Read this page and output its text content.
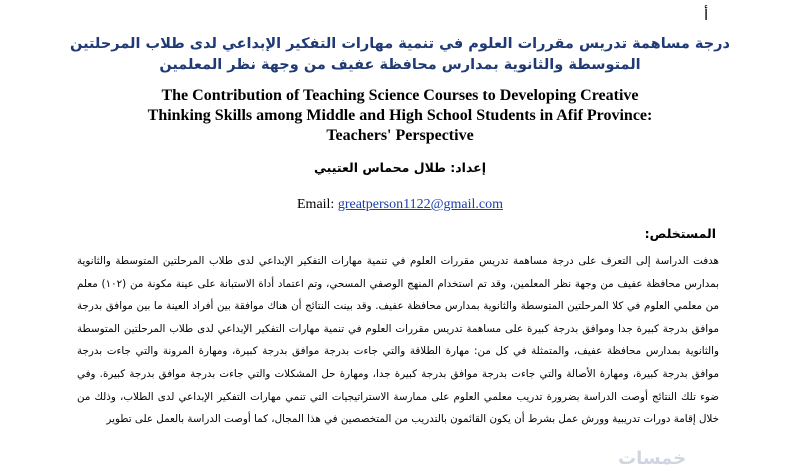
أ
درجة مساهمة تدريس مقررات العلوم في تنمية مهارات التفكير الإبداعي لدى طلاب المرحلتين
المتوسطة والثانوية بمدارس محافظة عفيف من وجهة نظر المعلمين
The Contribution of Teaching Science Courses to Developing Creative
Thinking Skills among Middle and High School Students in Afif Province:
Teachers' Perspective
إعداد: طلال محماس العتيبي
Email: greatperson1122@gmail.com
المستخلص:
هدفت الدراسة إلى التعرف على درجة مساهمة تدريس مقررات العلوم في تنمية مهارات التفكير الإبداعي لدى طلاب المرحلتين المتوسطة والثانوية بمدارس محافظة عفيف من وجهة نظر المعلمين، وقد تم استخدام المنهج الوصفي المسحي، وتم اعتماد أداة الاستبانة على عينة مكونة من (١٠٢) معلم من معلمي العلوم في كلا المرحلتين المتوسطة والثانوية بمدارس محافظة عفيف. وقد بينت النتائج أن هناك موافقة بين أفراد العينة ما بين موافق بدرجة موافق بدرجة كبيرة جدا وموافق بدرجة كبيرة على مساهمة تدريس مقررات العلوم في تنمية مهارات التفكير الإبداعي لدى طلاب المرحلتين المتوسطة والثانوية بمدارس محافظة عفيف، والمتمثلة في كل من: مهارة الطلاقة والتي جاءت بدرجة موافق بدرجة كبيرة، ومهارة المرونة والتي جاءت بدرجة موافق بدرجة كبيرة، ومهارة الأصالة والتي جاءت بدرجة موافق بدرجة كبيرة جدا، ومهارة حل المشكلات والتي جاءت بدرجة موافق بدرجة كبيرة. وفي ضوء تلك النتائج أوصت الدراسة بضرورة تدريب معلمي العلوم على ممارسة الاستراتيجيات التي تنمي مهارات التفكير الإبداعي لدى الطلاب، وذلك من خلال إقامة دورات تدريبية وورش عمل بشرط أن يكون القائمون بالتدريب من المتخصصين في هذا المجال، كما أوصت الدراسة بالعمل على تطوير
خمسات
